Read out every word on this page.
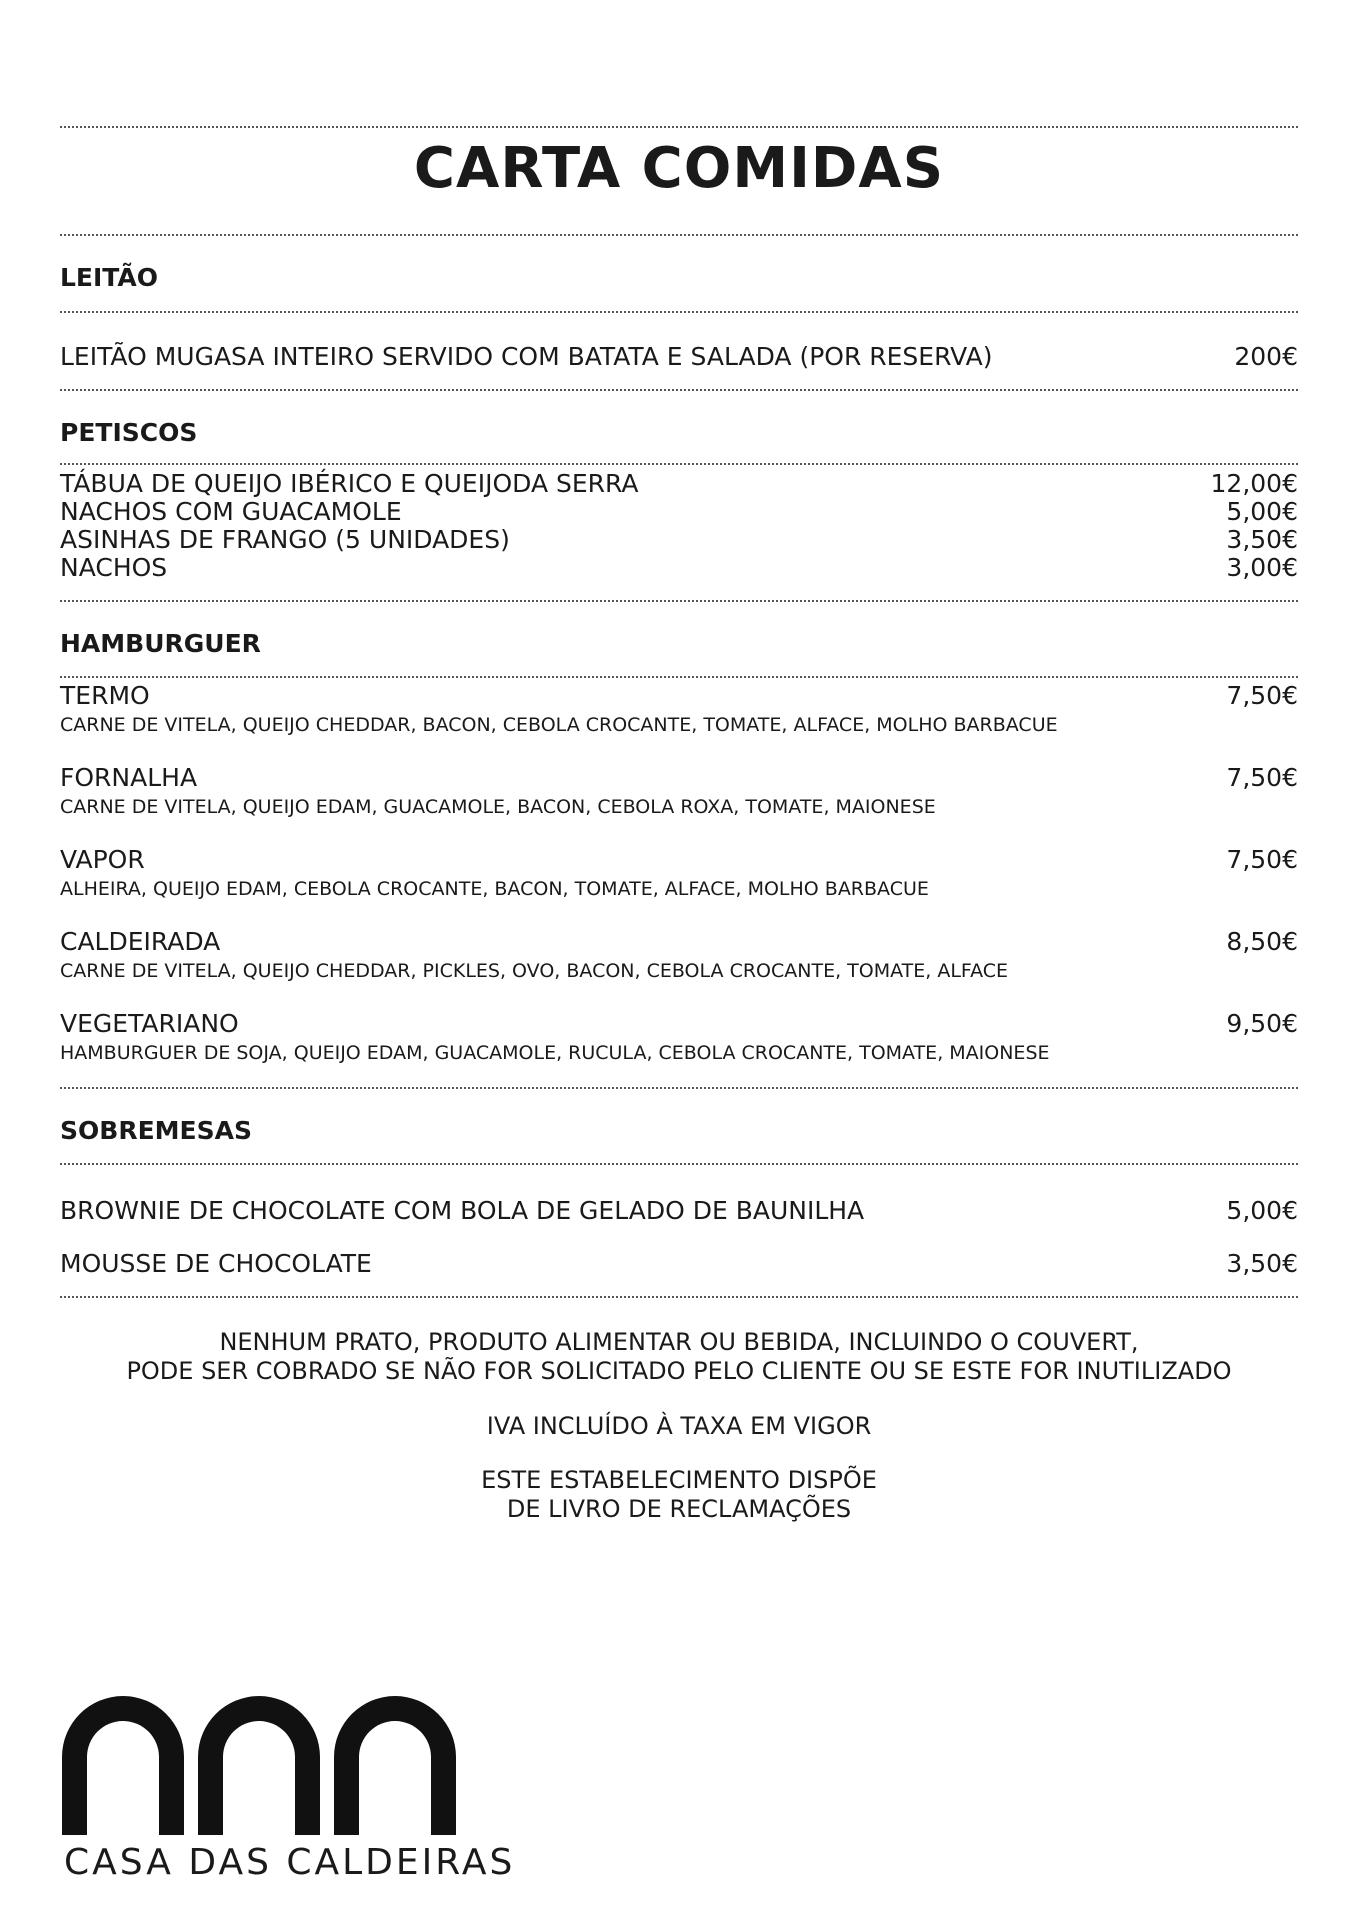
CARTA COMIDAS
LEITÃO
LEITÃO MUGASA INTEIRO SERVIDO COM BATATA E SALADA (POR RESERVA)	200€
PETISCOS
TÁBUA DE QUEIJO IBÉRICO E QUEIJODA SERRA	12,00€
NACHOS COM GUACAMOLE	5,00€
ASINHAS DE FRANGO (5 UNIDADES)	3,50€
NACHOS	3,00€
HAMBURGUER
TERMO	7,50€
CARNE DE VITELA, QUEIJO CHEDDAR, BACON, CEBOLA CROCANTE, TOMATE, ALFACE, MOLHO BARBACUE
FORNALHA	7,50€
CARNE DE VITELA, QUEIJO EDAM, GUACAMOLE, BACON, CEBOLA ROXA, TOMATE, MAIONESE
VAPOR	7,50€
ALHEIRA, QUEIJO EDAM, CEBOLA CROCANTE, BACON, TOMATE, ALFACE, MOLHO BARBACUE
CALDEIRADA	8,50€
CARNE DE VITELA, QUEIJO CHEDDAR, PICKLES, OVO, BACON, CEBOLA CROCANTE, TOMATE, ALFACE
VEGETARIANO	9,50€
HAMBURGUER DE SOJA, QUEIJO EDAM, GUACAMOLE, RUCULA, CEBOLA CROCANTE, TOMATE, MAIONESE
SOBREMESAS
BROWNIE DE CHOCOLATE COM BOLA DE GELADO DE BAUNILHA	5,00€
MOUSSE DE CHOCOLATE	3,50€
NENHUM PRATO, PRODUTO ALIMENTAR OU BEBIDA, INCLUINDO O COUVERT,
PODE SER COBRADO SE NÃO FOR SOLICITADO PELO CLIENTE OU SE ESTE FOR INUTILIZADO
IVA INCLUÍDO À TAXA EM VIGOR
ESTE ESTABELECIMENTO DISPÕE
DE LIVRO DE RECLAMAÇÕES
CASA DAS CALDEIRAS
